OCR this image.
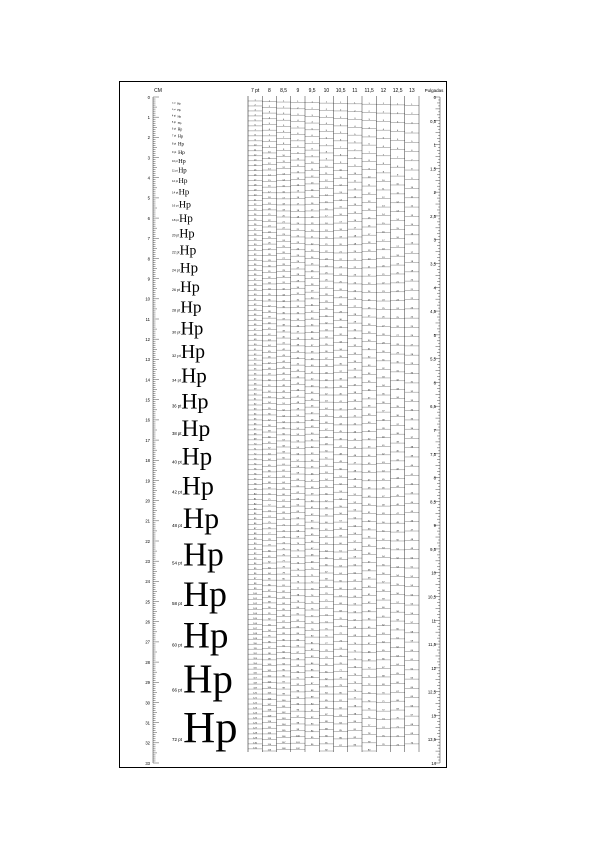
CM
0
1
2
3
4
5
6
7
8
9
10
11
12
13
14
15
16
17
18
19
20
21
22
23
24
25
26
27
28
29
30
31
32
33
2 pt Hp
3 pt Hp
4 pt Hp
5 pt Hp
6 pt Hp
7 pt Hp
8 pt Hp
9 pt Hp
10 pt Hp
11 pt Hp
12 pt Hp
14 pt Hp
16 pt Hp
18 pt Hp
20 pt Hp
22 pt Hp
24 pt Hp
26 pt Hp
28 pt Hp
30 pt Hp
32 pt Hp
34 pt Hp
36 pt Hp
38 pt Hp
40 pt Hp
42 pt Hp
48 pt Hp
54 pt Hp
58 pt Hp
60 pt Hp
66 pt Hp
72 pt Hp
7 pt
1
2
3
4
5
6
7
8
9
10
11
12
13
14
15
16
17
18
19
20
21
22
23
24
25
26
27
28
29
30
31
32
33
34
35
36
37
38
39
40
41
42
43
44
45
46
47
48
49
50
51
52
53
54
55
56
57
58
59
60
61
62
63
64
65
66
67
68
69
70
71
72
73
74
75
76
77
78
79
80
81
82
83
84
85
86
87
88
89
90
91
92
93
94
95
96
97
98
99
100
101
102
103
104
105
106
107
108
109
110
111
112
113
114
115
116
117
118
119
120
121
122
123
124
125
126
127
128
129
130
131
8
1
2
3
4
5
6
7
8
9
10
11
12
13
14
15
16
17
18
19
20
21
22
23
24
25
26
27
28
29
30
31
32
33
34
35
36
37
38
39
40
41
42
43
44
45
46
47
48
49
50
51
52
53
54
55
56
57
58
59
60
61
62
63
64
65
66
67
68
69
70
71
72
73
74
75
76
77
78
79
80
81
82
83
84
85
86
87
88
89
90
91
92
93
94
95
96
97
98
99
100
101
102
103
104
105
106
107
108
109
110
111
112
113
114
115
8,5
1
2
3
4
5
6
7
8
9
10
11
12
13
14
15
16
17
18
19
20
21
22
23
24
25
26
27
28
29
30
31
32
33
34
35
36
37
38
39
40
41
42
43
44
45
46
47
48
49
50
51
52
53
54
55
56
57
58
59
60
61
62
63
64
65
66
67
68
69
70
71
72
73
74
75
76
77
78
79
80
81
82
83
84
85
86
87
88
89
90
91
92
93
94
95
96
97
98
99
100
101
102
103
104
105
106
107
108
9
1
2
3
4
5
6
7
8
9
10
11
12
13
14
15
16
17
18
19
20
21
22
23
24
25
26
27
28
29
30
31
32
33
34
35
36
37
38
39
40
41
42
43
44
45
46
47
48
49
50
51
52
53
54
55
56
57
58
59
60
61
62
63
64
65
66
67
68
69
70
71
72
73
74
75
76
77
78
79
80
81
82
83
84
85
86
87
88
89
90
91
92
93
94
95
96
97
98
99
100
101
102
9,5
1
2
3
4
5
6
7
8
9
10
11
12
13
14
15
16
17
18
19
20
21
22
23
24
25
26
27
28
29
30
31
32
33
34
35
36
37
38
39
40
41
42
43
44
45
46
47
48
49
50
51
52
53
54
55
56
57
58
59
60
61
62
63
64
65
66
67
68
69
70
71
72
73
74
75
76
77
78
79
80
81
82
83
84
85
86
87
88
89
90
91
92
93
94
95
96
10
1
2
3
4
5
6
7
8
9
10
11
12
13
14
15
16
17
18
19
20
21
22
23
24
25
26
27
28
29
30
31
32
33
34
35
36
37
38
39
40
41
42
43
44
45
46
47
48
49
50
51
52
53
54
55
56
57
58
59
60
61
62
63
64
65
66
67
68
69
70
71
72
73
74
75
76
77
78
79
80
81
82
83
84
85
86
87
88
89
90
91
92
10,5
1
2
3
4
5
6
7
8
9
10
11
12
13
14
15
16
17
18
19
20
21
22
23
24
25
26
27
28
29
30
31
32
33
34
35
36
37
38
39
40
41
42
43
44
45
46
47
48
49
50
51
52
53
54
55
56
57
58
59
60
61
62
63
64
65
66
67
68
69
70
71
72
73
74
75
76
77
78
79
80
81
82
83
84
85
86
87
11
1
2
3
4
5
6
7
8
9
10
11
12
13
14
15
16
17
18
19
20
21
22
23
24
25
26
27
28
29
30
31
32
33
34
35
36
37
38
39
40
41
42
43
44
45
46
47
48
49
50
51
52
53
54
55
56
57
58
59
60
61
62
63
64
65
66
67
68
69
70
71
72
73
74
75
76
77
78
79
80
81
82
83
11,5
1
2
3
4
5
6
7
8
9
10
11
12
13
14
15
16
17
18
19
20
21
22
23
24
25
26
27
28
29
30
31
32
33
34
35
36
37
38
39
40
41
42
43
44
45
46
47
48
49
50
51
52
53
54
55
56
57
58
59
60
61
62
63
64
65
66
67
68
69
70
71
72
73
74
75
76
77
78
79
80
12
1
2
3
4
5
6
7
8
9
10
11
12
13
14
15
16
17
18
19
20
21
22
23
24
25
26
27
28
29
30
31
32
33
34
35
36
37
38
39
40
41
42
43
44
45
46
47
48
49
50
51
52
53
54
55
56
57
58
59
60
61
62
63
64
65
66
67
68
69
70
71
72
73
74
75
76
12,5
1
2
3
4
5
6
7
8
9
10
11
12
13
14
15
16
17
18
19
20
21
22
23
24
25
26
27
28
29
30
31
32
33
34
35
36
37
38
39
40
41
42
43
44
45
46
47
48
49
50
51
52
53
54
55
56
57
58
59
60
61
62
63
64
65
66
67
68
69
70
71
72
73
13
1
2
3
4
5
6
7
8
9
10
11
12
13
14
15
16
17
18
19
20
21
22
23
24
25
26
27
28
29
30
31
32
33
34
35
36
37
38
39
40
41
42
43
44
45
46
47
48
49
50
51
52
53
54
55
56
57
58
59
60
61
62
63
64
65
66
67
68
69
70
Pulgadas
0
0,5
1
1,5
2
2,5
3
3,5
4
4,5
5
5,5
6
6,5
7
7,5
8
8,5
9
9,5
10
10,5
11
11,5
12
12,5
13
13,5
14
